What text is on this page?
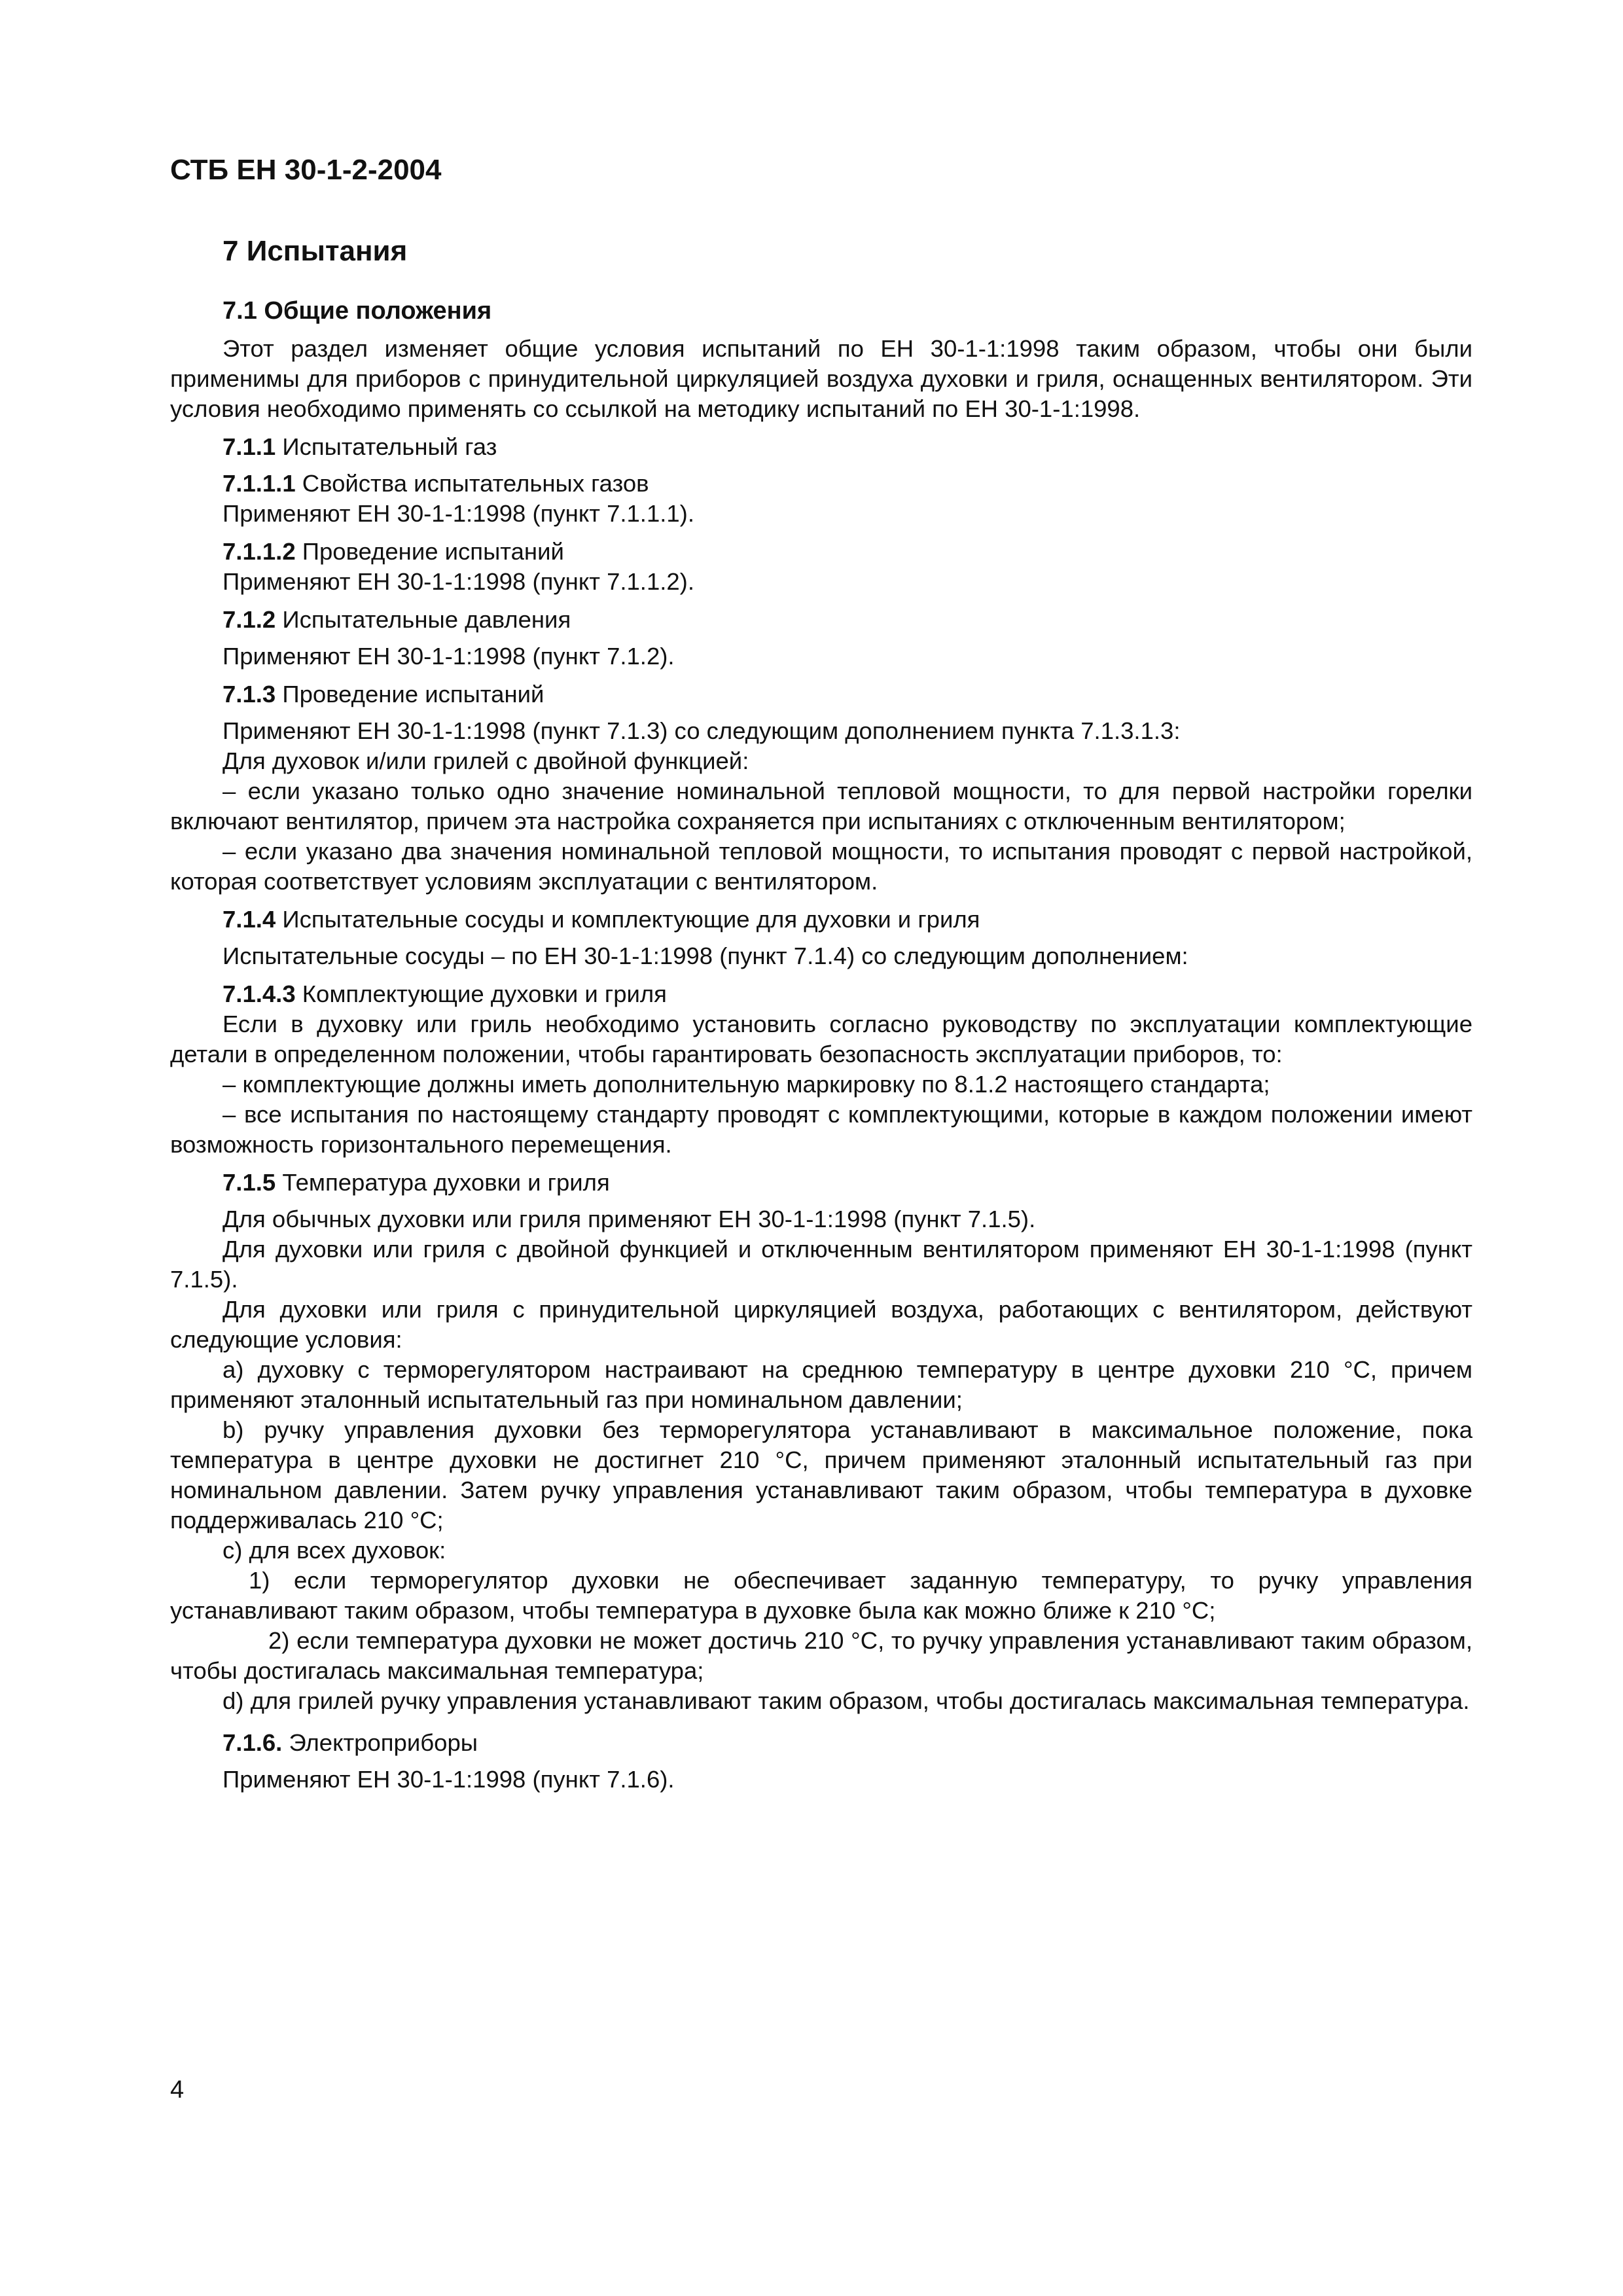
СТБ ЕН 30-1-2-2004
7 Испытания
7.1 Общие положения

Этот раздел изменяет общие условия испытаний по ЕН 30-1-1:1998 таким образом, чтобы они были применимы для приборов с принудительной циркуляцией воздуха духовки и гриля, оснащенных вентилятором. Эти условия необходимо применять со ссылкой на методику испытаний по ЕН 30-1-1:1998.

7.1.1 Испытательный газ

7.1.1.1 Свойства испытательных газов

Применяют ЕН 30-1-1:1998 (пункт 7.1.1.1).

7.1.1.2 Проведение испытаний

Применяют ЕН 30-1-1:1998 (пункт 7.1.1.2).

7.1.2 Испытательные давления

Применяют ЕН 30-1-1:1998 (пункт 7.1.2).

7.1.3 Проведение испытаний

Применяют ЕН 30-1-1:1998 (пункт 7.1.3) со следующим дополнением пункта 7.1.3.1.3:

Для духовок и/или грилей с двойной функцией:

– если указано только одно значение номинальной тепловой мощности, то для первой настройки горелки включают вентилятор, причем эта настройка сохраняется при испытаниях с отключенным вентилятором;

– если указано два значения номинальной тепловой мощности, то испытания проводят с первой настройкой, которая соответствует условиям эксплуатации с вентилятором.

7.1.4 Испытательные сосуды и комплектующие для духовки и гриля

Испытательные сосуды – по ЕН 30-1-1:1998 (пункт 7.1.4) со следующим дополнением:

7.1.4.3 Комплектующие духовки и гриля

Если в духовку или гриль необходимо установить согласно руководству по эксплуатации комплектующие детали в определенном положении, чтобы гарантировать безопасность эксплуатации приборов, то:

– комплектующие должны иметь дополнительную маркировку по 8.1.2 настоящего стандарта;

– все испытания по настоящему стандарту проводят с комплектующими, которые в каждом положении имеют возможность горизонтального перемещения.

7.1.5 Температура духовки и гриля

Для обычных духовки или гриля применяют ЕН 30-1-1:1998 (пункт 7.1.5).

Для духовки или гриля с двойной функцией и отключенным вентилятором применяют ЕН 30-1-1:1998 (пункт 7.1.5).

Для духовки или гриля с принудительной циркуляцией воздуха, работающих с вентилятором, действуют следующие условия:

a) духовку с терморегулятором настраивают на среднюю температуру в центре духовки 210 °С, причем применяют эталонный испытательный газ при номинальном давлении;

b) ручку управления духовки без терморегулятора устанавливают в максимальное положение, пока температура в центре духовки не достигнет 210 °С, причем применяют эталонный испытательный газ при номинальном давлении. Затем ручку управления устанавливают таким образом, чтобы температура в духовке поддерживалась 210 °С;

c) для всех духовок:

1) если терморегулятор духовки не обеспечивает заданную температуру, то ручку управления устанавливают таким образом, чтобы температура в духовке была как можно ближе к 210 °С;

2) если температура духовки не может достичь 210 °С, то ручку управления устанавливают таким образом, чтобы достигалась максимальная температура;

d) для грилей ручку управления устанавливают таким образом, чтобы достигалась максимальная температура.

7.1.6. Электроприборы

Применяют ЕН 30-1-1:1998 (пункт 7.1.6).

4
